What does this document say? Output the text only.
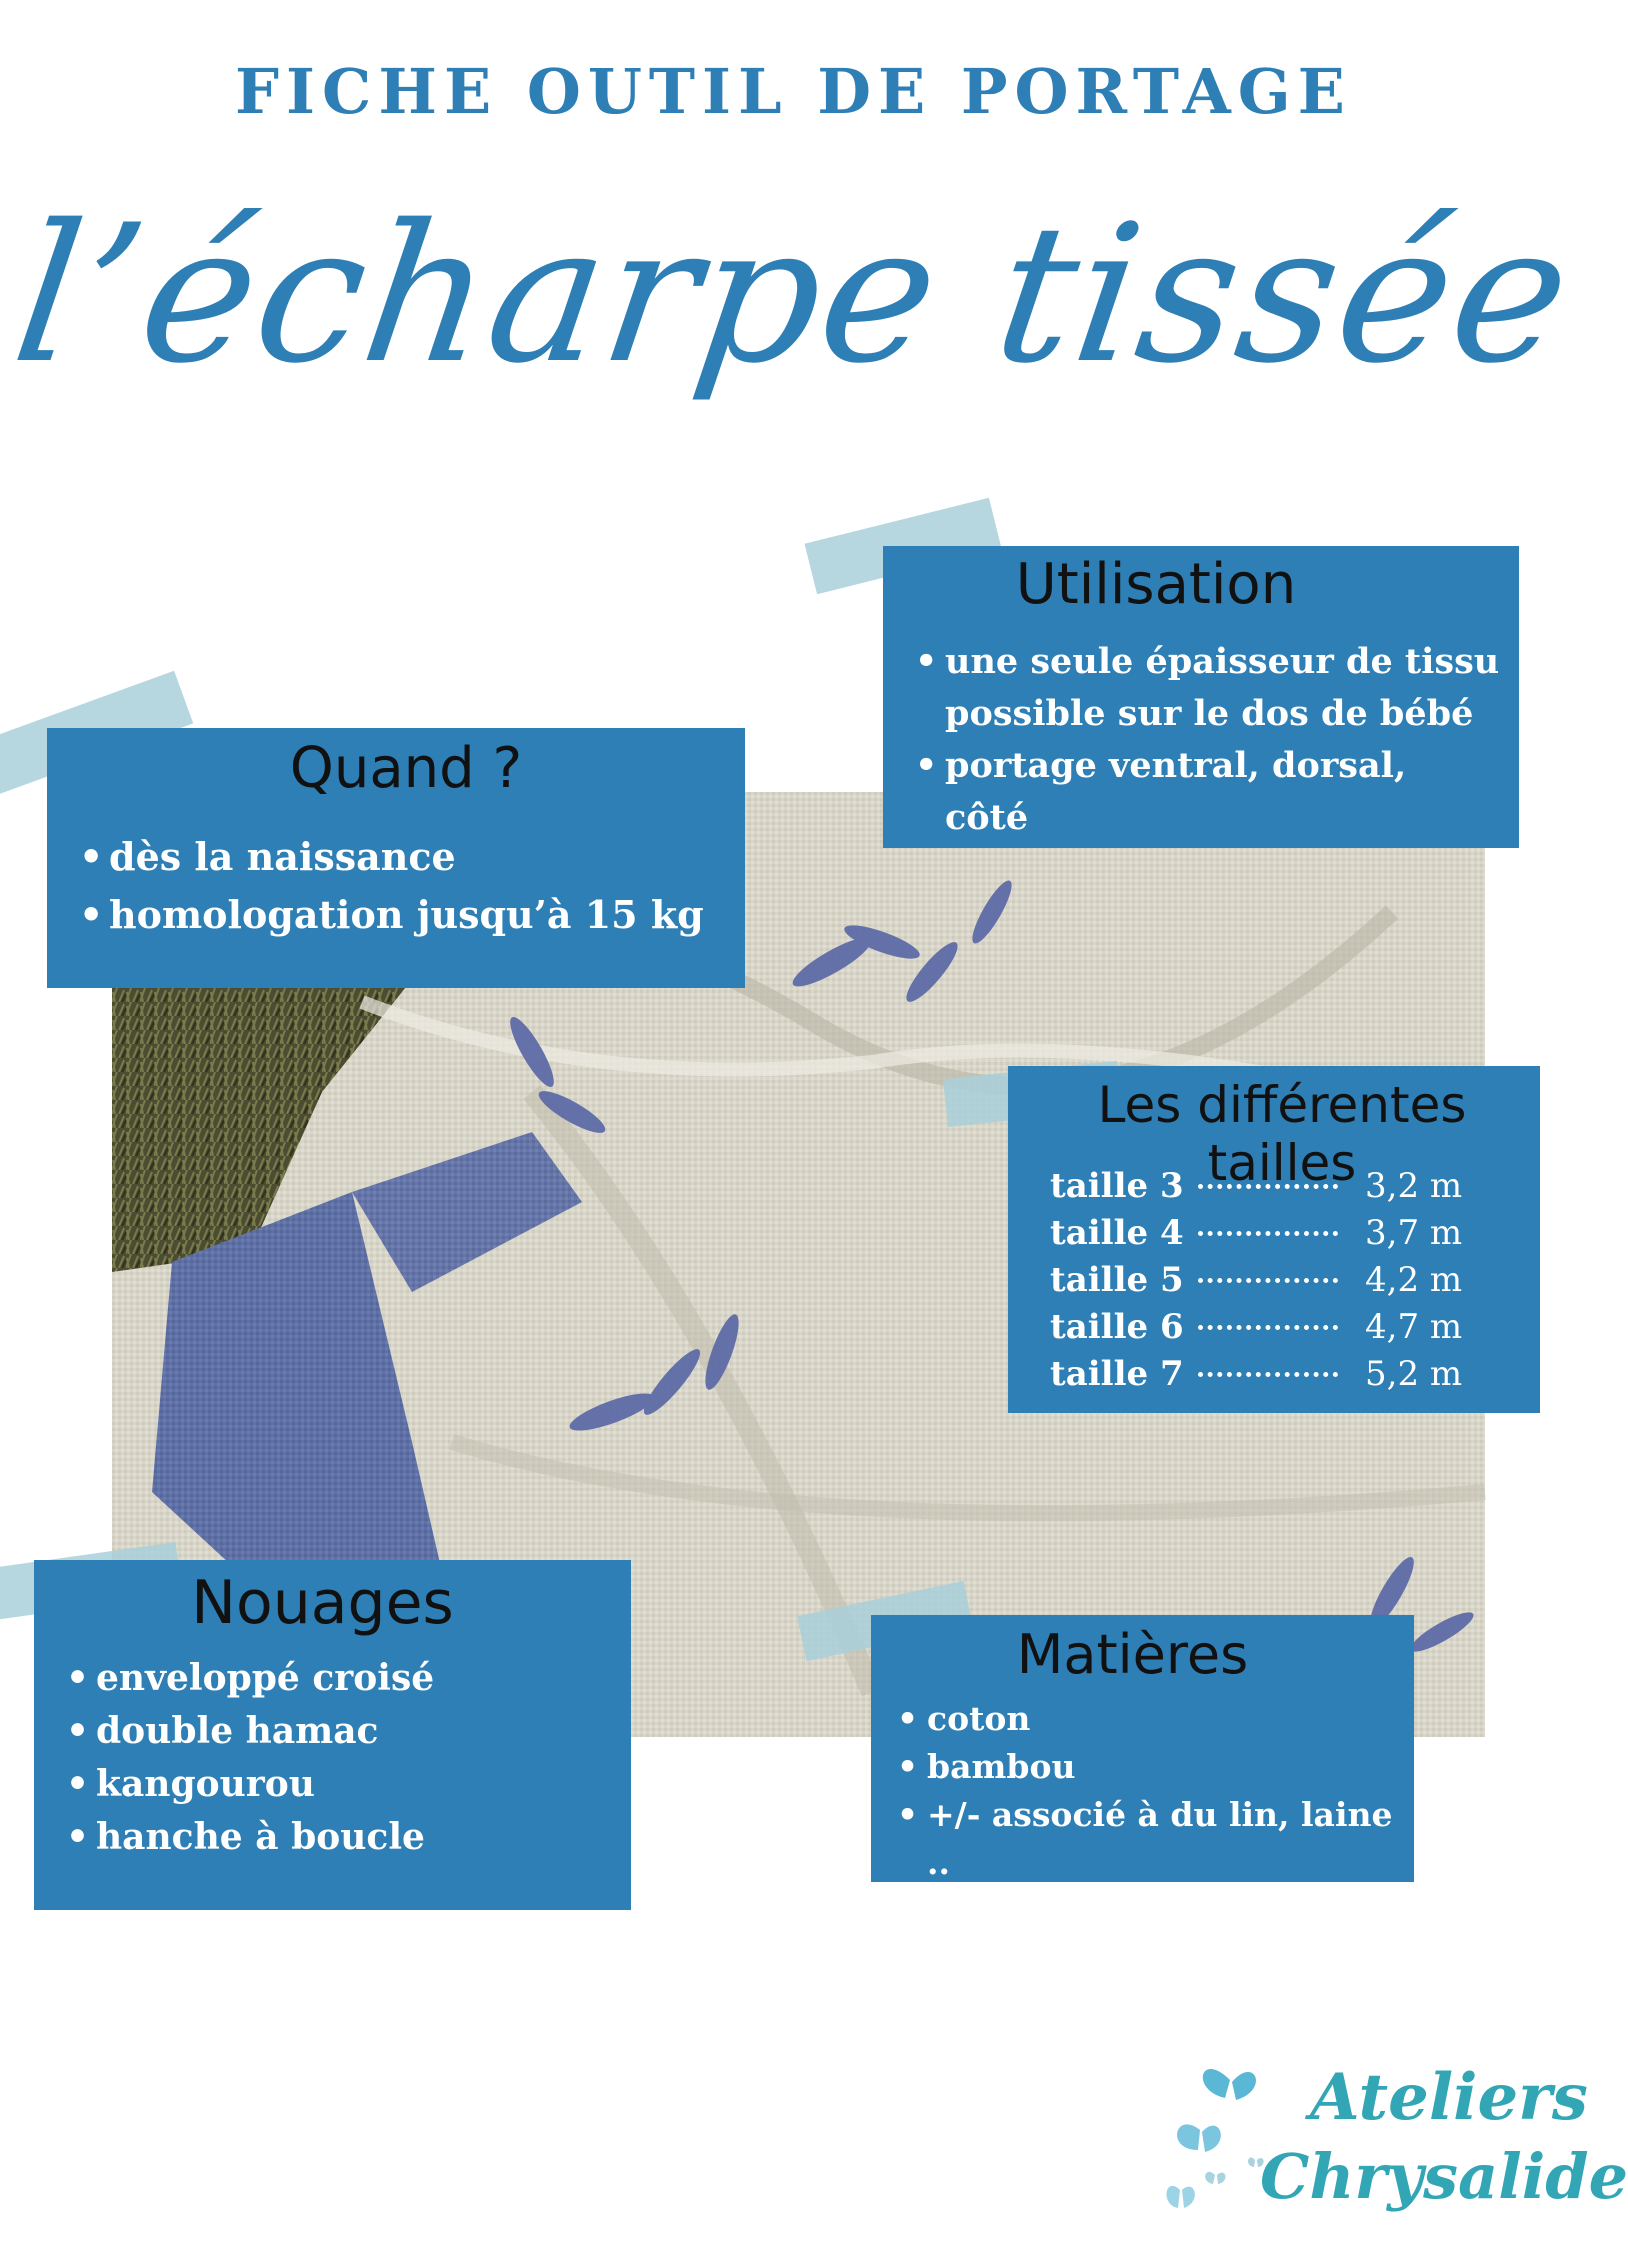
FICHE OUTIL DE PORTAGE
l’écharpe tissée
Utilisation
• une seule épaisseur de tissu possible sur le dos de bébé
• portage ventral, dorsal, côté
Quand ?
• dès la naissance
• homologation jusqu’à 15 kg
Les différentes tailles
taille 3	3,2 m
taille 4	3,7 m
taille 5	4,2 m
taille 6	4,7 m
taille 7	5,2 m
Nouages
• enveloppé croisé
• double hamac
• kangourou
• hanche à boucle
Matières
• coton
• bambou
• +/- associé à du lin, laine ..
Ateliers
Chrysalide
